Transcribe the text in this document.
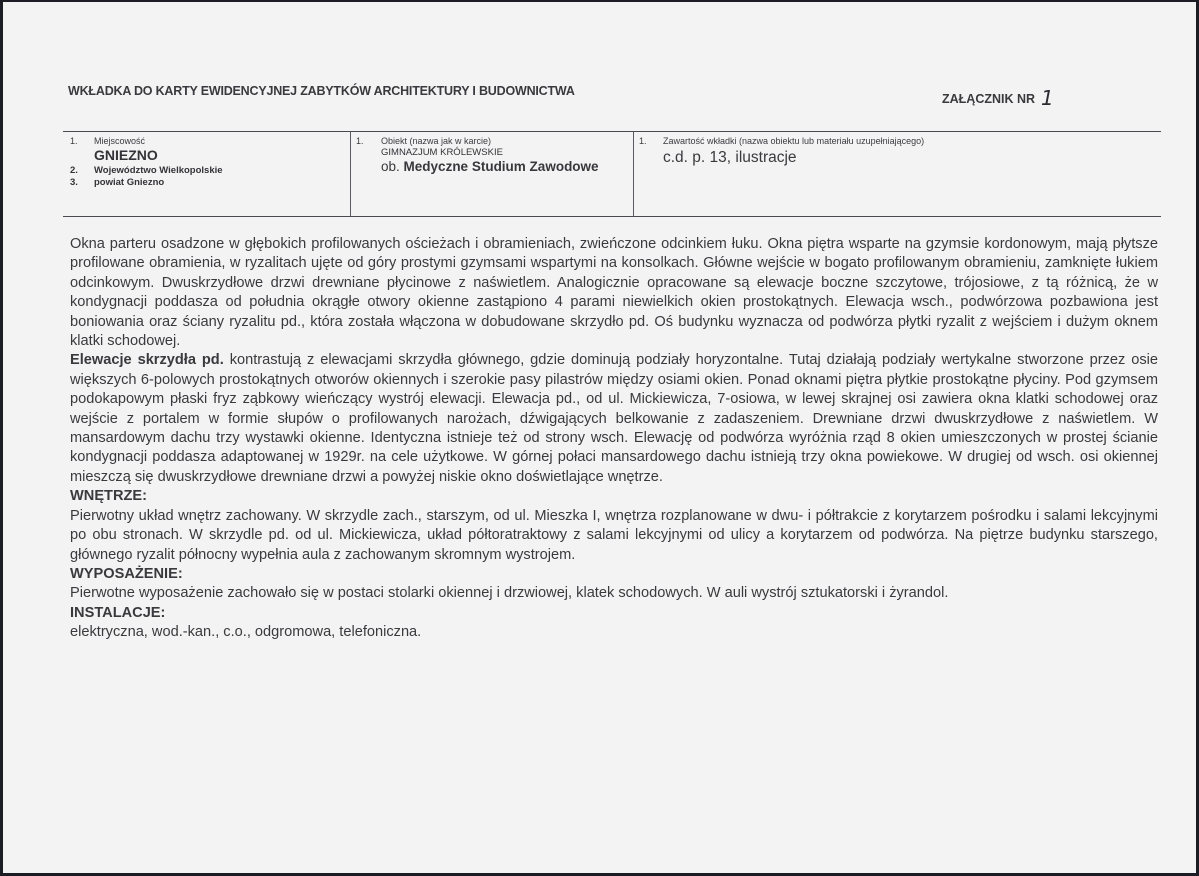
WKŁADKA DO KARTY EWIDENCYJNEJ ZABYTKÓW ARCHITEKTURY I BUDOWNICTWA
ZAŁĄCZNIK NR 1
1. Miejscowość
GNIEZNO
2. Województwo Wielkopolskie
3. powiat Gniezno
1. Obiekt (nazwa jak w karcie)
GIMNAZJUM KRÓLEWSKIE
ob. Medyczne Studium Zawodowe
1. Zawartość wkładki (nazwa obiektu lub materiału uzupełniającego)
c.d. p. 13, ilustracje

Okna parteru osadzone w głębokich profilowanych ościeżach i obramieniach, zwieńczone odcinkiem łuku. Okna piętra wsparte na gzymsie kordonowym, mają płytsze profilowane obramienia, w ryzalitach ujęte od góry prostymi gzymsami wspartymi na konsolkach. Główne wejście w bogato profilowanym obramieniu, zamknięte łukiem odcinkowym. Dwuskrzydłowe drzwi drewniane płycinowe z naświetlem. Analogicznie opracowane są elewacje boczne szczytowe, trójosiowe, z tą różnicą, że w kondygnacji poddasza od południa okrągłe otwory okienne zastąpiono 4 parami niewielkich okien prostokątnych. Elewacja wsch., podwórzowa pozbawiona jest boniowania oraz ściany ryzalitu pd., która została włączona w dobudowane skrzydło pd. Oś budynku wyznacza od podwórza płytki ryzalit z wejściem i dużym oknem klatki schodowej.

Elewacje skrzydła pd. kontrastują z elewacjami skrzydła głównego, gdzie dominują podziały horyzontalne. Tutaj działają podziały wertykalne stworzone przez osie większych 6-polowych prostokątnych otworów okiennych i szerokie pasy pilastrów między osiami okien. Ponad oknami piętra płytkie prostokątne płyciny. Pod gzymsem podokapowym płaski fryz ząbkowy wieńczący wystrój elewacji. Elewacja pd., od ul. Mickiewicza, 7-osiowa, w lewej skrajnej osi zawiera okna klatki schodowej oraz wejście z portalem w formie słupów o profilowanych narożach, dźwigających belkowanie z zadaszeniem. Drewniane drzwi dwuskrzydłowe z naświetlem. W mansardowym dachu trzy wystawki okienne. Identyczna istnieje też od strony wsch. Elewację od podwórza wyróżnia rząd 8 okien umieszczonych w prostej ścianie kondygnacji poddasza adaptowanej w 1929r. na cele użytkowe. W górnej połaci mansardowego dachu istnieją trzy okna powiekowe. W drugiej od wsch. osi okiennej mieszczą się dwuskrzydłowe drewniane drzwi a powyżej niskie okno doświetlające wnętrze.

WNĘTRZE:

Pierwotny układ wnętrz zachowany. W skrzydle zach., starszym, od ul. Mieszka I, wnętrza rozplanowane w dwu- i półtrakcie z korytarzem pośrodku i salami lekcyjnymi po obu stronach. W skrzydle pd. od ul. Mickiewicza, układ półtoratraktowy z salami lekcyjnymi od ulicy a korytarzem od podwórza. Na piętrze budynku starszego, głównego ryzalit północny wypełnia aula z zachowanym skromnym wystrojem.

WYPOSAŻENIE:

Pierwotne wyposażenie zachowało się w postaci stolarki okiennej i drzwiowej, klatek schodowych. W auli wystrój sztukatorski i żyrandol.

INSTALACJE:

elektryczna, wod.-kan., c.o., odgromowa, telefoniczna.
